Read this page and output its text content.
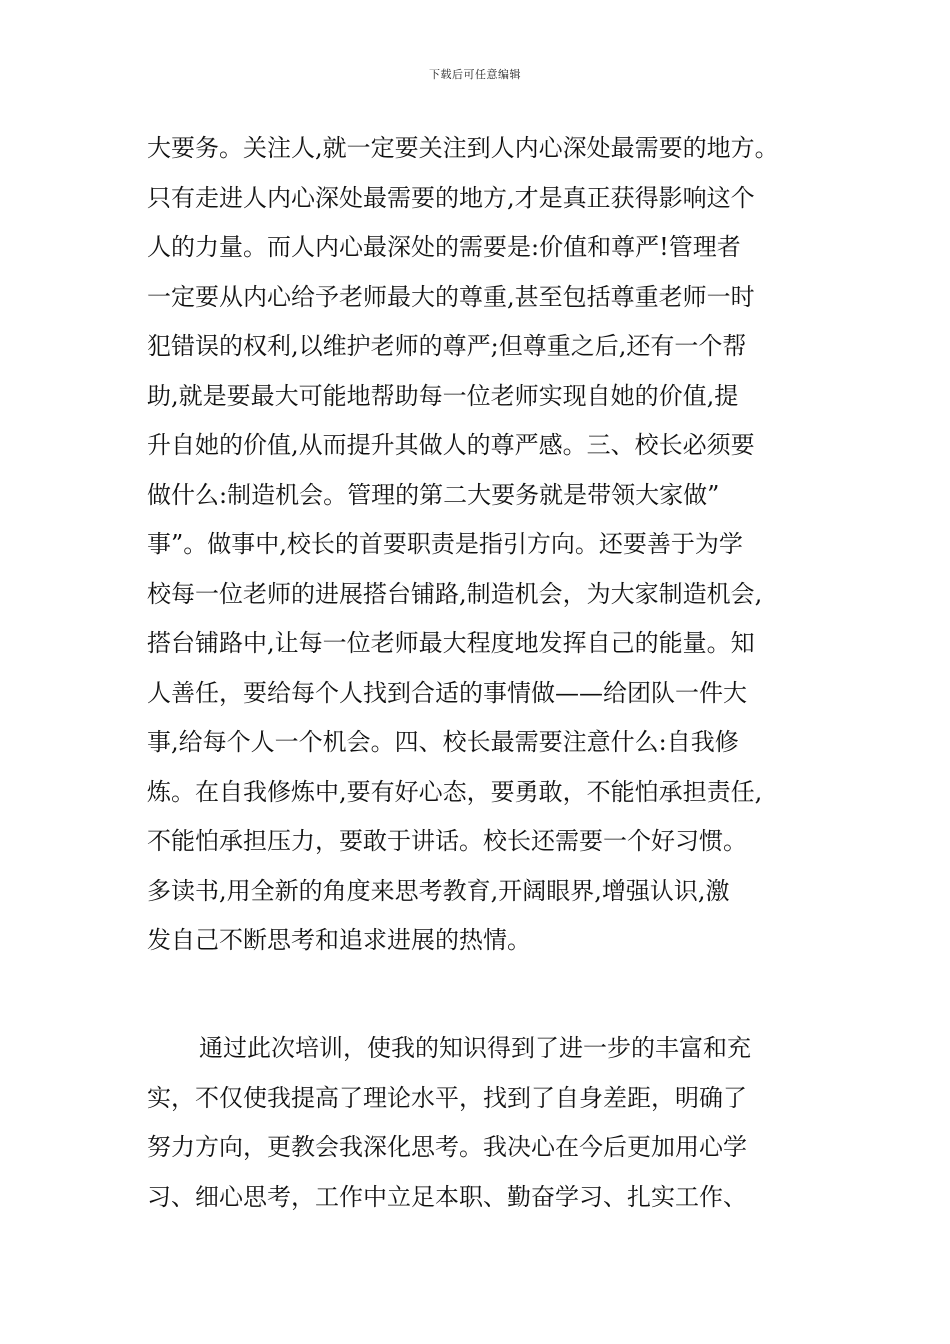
下载后可任意编辑
大要务。关注人,就一定要关注到人内心深处最需要的地方。
只有走进人内心深处最需要的地方,才是真正获得影响这个
人的力量。而人内心最深处的需要是:价值和尊严!管理者
一定要从内心给予老师最大的尊重,甚至包括尊重老师一时
犯错误的权利,以维护老师的尊严;但尊重之后,还有一个帮
助,就是要最大可能地帮助每一位老师实现自她的价值,提
升自她的价值,从而提升其做人的尊严感。三、校长必须要
做什么:制造机会。管理的第二大要务就是带领大家做”
事”。做事中,校长的首要职责是指引方向。还要善于为学
校每一位老师的进展搭台铺路,制造机会，为大家制造机会,
搭台铺路中,让每一位老师最大程度地发挥自己的能量。知
人善任，要给每个人找到合适的事情做——给团队一件大
事,给每个人一个机会。四、校长最需要注意什么:自我修
炼。在自我修炼中,要有好心态，要勇敢，不能怕承担责任,
不能怕承担压力，要敢于讲话。校长还需要一个好习惯。
多读书,用全新的角度来思考教育,开阔眼界,增强认识,激
发自己不断思考和追求进展的热情。
通过此次培训，使我的知识得到了进一步的丰富和充
实，不仅使我提高了理论水平，找到了自身差距，明确了
努力方向，更教会我深化思考。我决心在今后更加用心学
习、细心思考，工作中立足本职、勤奋学习、扎实工作、
